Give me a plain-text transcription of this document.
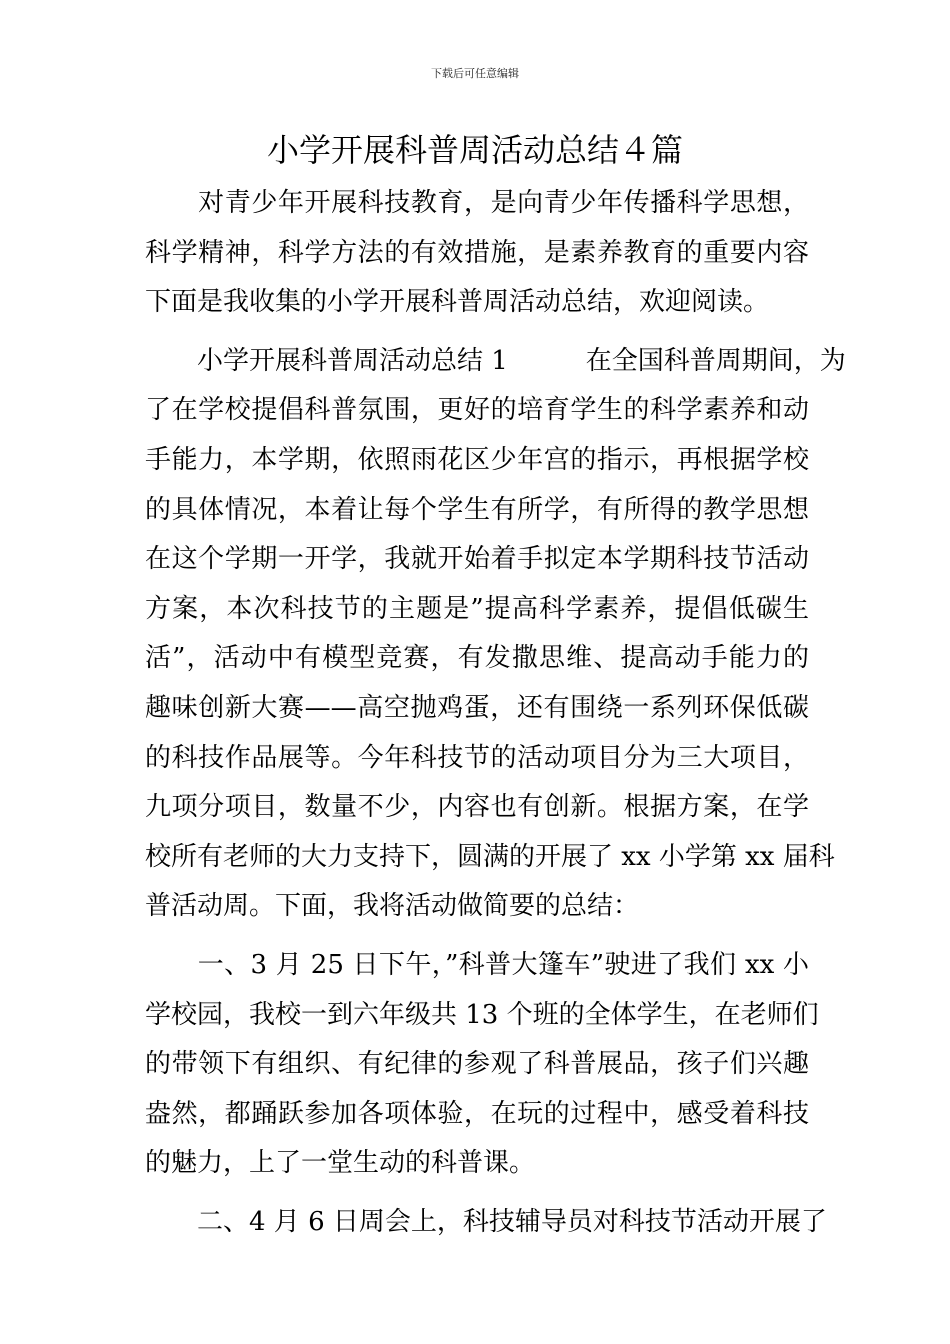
下载后可任意编辑
小学开展科普周活动总结４篇
　　对青少年开展科技教育，是向青少年传播科学思想，
科学精神，科学方法的有效措施，是素养教育的重要内容
下面是我收集的小学开展科普周活动总结，欢迎阅读。
　　小学开展科普周活动总结 1　　　在全国科普周期间，为
了在学校提倡科普氛围，更好的培育学生的科学素养和动
手能力，本学期，依照雨花区少年宫的指示，再根据学校
的具体情况，本着让每个学生有所学，有所得的教学思想
在这个学期一开学，我就开始着手拟定本学期科技节活动
方案，本次科技节的主题是”提高科学素养，提倡低碳生
活”，活动中有模型竞赛，有发撒思维、提高动手能力的
趣味创新大赛——高空抛鸡蛋，还有围绕一系列环保低碳
的科技作品展等。今年科技节的活动项目分为三大项目，
九项分项目，数量不少，内容也有创新。根据方案，在学
校所有老师的大力支持下，圆满的开展了 xx 小学第 xx 届科
普活动周。下面，我将活动做简要的总结：
　　一、3 月 25 日下午，”科普大篷车”驶进了我们 xx 小
学校园，我校一到六年级共 13 个班的全体学生，在老师们
的带领下有组织、有纪律的参观了科普展品，孩子们兴趣
盎然，都踊跃参加各项体验，在玩的过程中，感受着科技
的魅力，上了一堂生动的科普课。
　　二、4 月 6 日周会上，科技辅导员对科技节活动开展了
